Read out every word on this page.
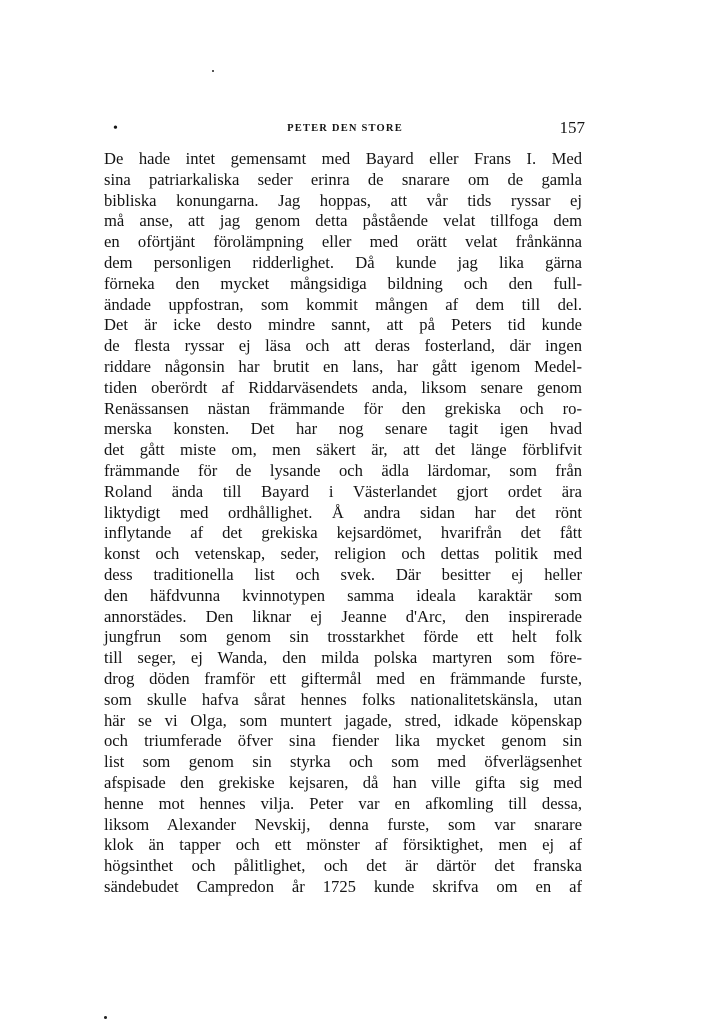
•	PETER DEN STORE	157
De hade intet gemensamt med Bayard eller Frans I. Med
sina patriarkaliska seder erinra de snarare om de gamla
bibliska konungarna. Jag hoppas, att vår tids ryssar ej
må anse, att jag genom detta påstående velat tillfoga dem
en oförtjänt förolämpning eller med orätt velat frånkänna
dem personligen ridderlighet. Då kunde jag lika gärna
förneka den mycket mångsidiga bildning och den full-
ändade uppfostran, som kommit mången af dem till del.
Det är icke desto mindre sannt, att på Peters tid kunde
de flesta ryssar ej läsa och att deras fosterland, där ingen
riddare någonsin har brutit en lans, har gått igenom Medel-
tiden oberördt af Riddarväsendets anda, liksom senare genom
Renässansen nästan främmande för den grekiska och ro-
merska konsten. Det har nog senare tagit igen hvad
det gått miste om, men säkert är, att det länge förblifvit
främmande för de lysande och ädla lärdomar, som från
Roland ända till Bayard i Västerlandet gjort ordet ära
liktydigt med ordhållighet. Å andra sidan har det rönt
inflytande af det grekiska kejsardömet, hvarifrån det fått
konst och vetenskap, seder, religion och dettas politik med
dess traditionella list och svek. Där besitter ej heller
den häfdvunna kvinnotypen samma ideala karaktär som
annorstädes. Den liknar ej Jeanne d'Arc, den inspirerade
jungfrun som genom sin trosstarkhet förde ett helt folk
till seger, ej Wanda, den milda polska martyren som före-
drog döden framför ett giftermål med en främmande furste,
som skulle hafva sårat hennes folks nationalitetskänsla, utan
här se vi Olga, som muntert jagade, stred, idkade köpenskap
och triumferade öfver sina fiender lika mycket genom sin
list som genom sin styrka och som med öfverlägsenhet
afspisade den grekiske kejsaren, då han ville gifta sig med
henne mot hennes vilja. Peter var en afkomling till dessa,
liksom Alexander Nevskij, denna furste, som var snarare
klok än tapper och ett mönster af försiktighet, men ej af
högsinthet och pålitlighet, och det är därtör det franska
sändebudet Campredon år 1725 kunde skrifva om en af
